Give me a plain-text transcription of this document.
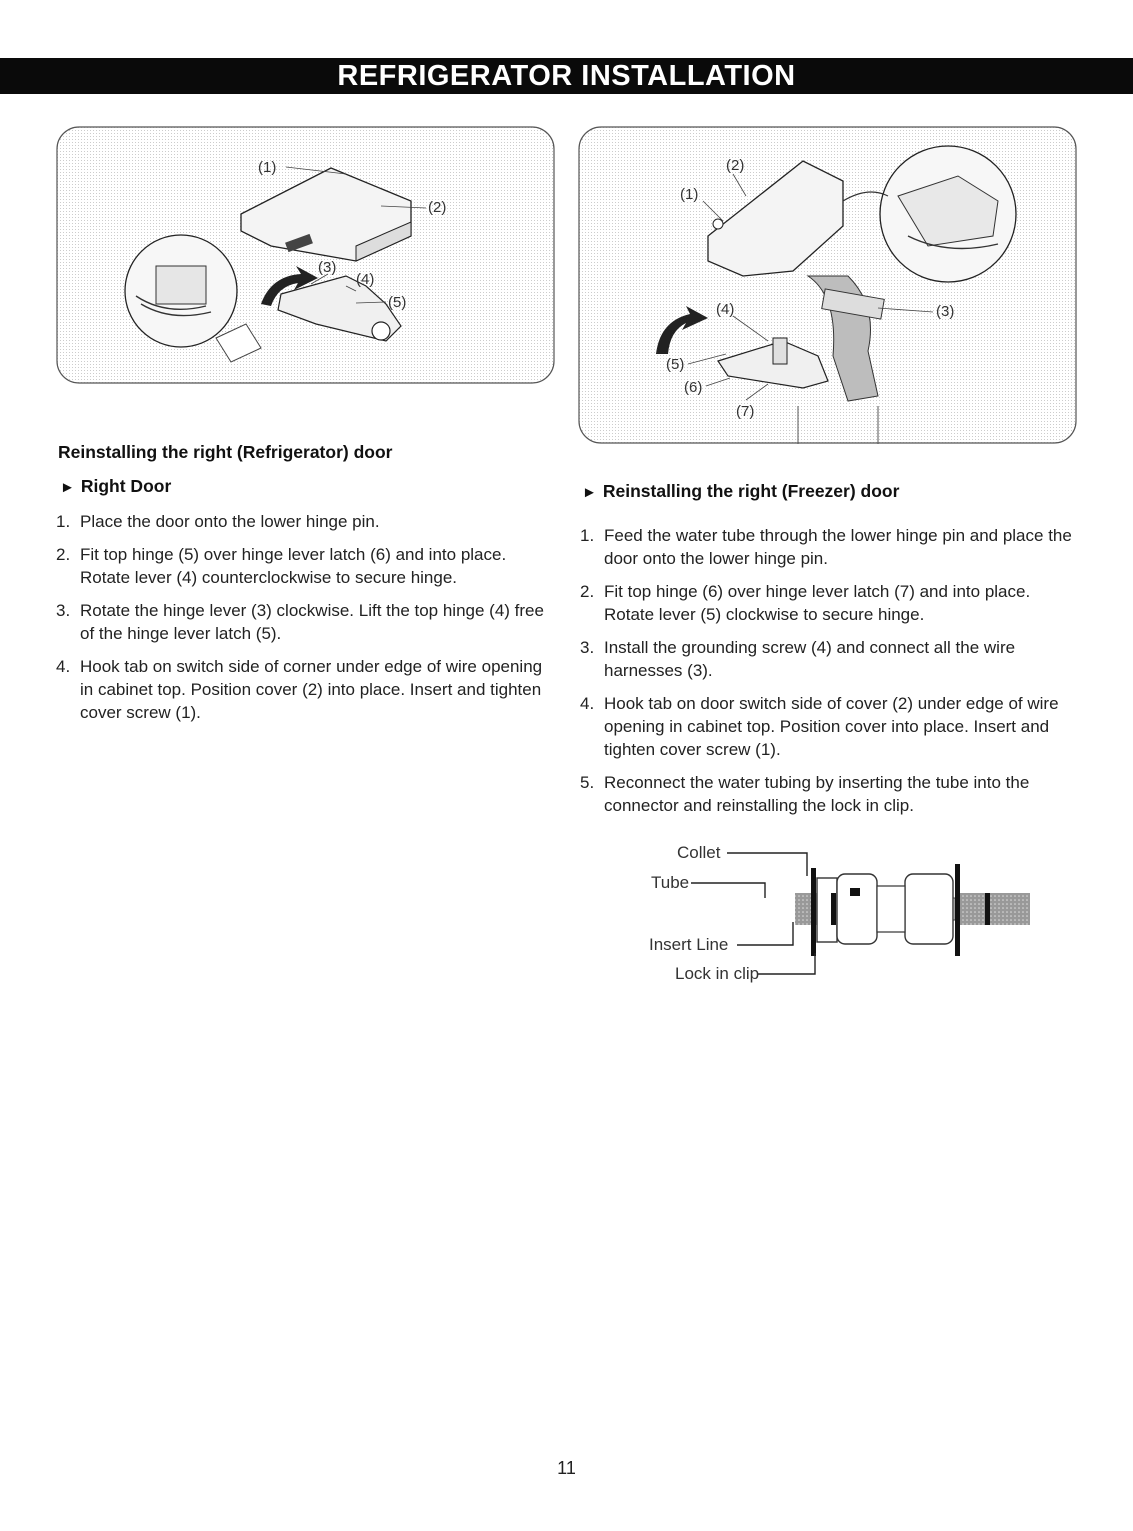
REFRIGERATOR INSTALLATION
(1)
(2)
(3)
(4)
(5)
(1)
(2)
(3)
(4)
(5)
(6)
(7)
Reinstalling the right (Refrigerator) door
► Right Door
1. Place the door onto the lower hinge pin.
2. Fit top hinge (5) over hinge lever latch (6) and into place. Rotate lever (4) counterclockwise to secure hinge.
3. Rotate the hinge lever (3) clockwise. Lift the top hinge (4) free of the hinge lever latch (5).
4. Hook tab on switch side of corner under edge of wire opening in cabinet top. Position cover (2) into place. Insert and tighten cover screw (1).
► Reinstalling the right (Freezer) door
1. Feed the water tube through the lower hinge pin and place the door onto the lower hinge pin.
2. Fit top hinge (6) over hinge lever latch (7) and into place. Rotate lever (5) clockwise to secure hinge.
3. Install the grounding screw (4) and connect all the wire harnesses (3).
4. Hook tab on door switch side of cover (2) under edge of wire opening in cabinet top. Position cover into place. Insert and tighten cover screw (1).
5. Reconnect the water tubing by inserting the tube into the connector and reinstalling the lock in clip.
Collet
Tube
Insert Line
Lock in clip
11
